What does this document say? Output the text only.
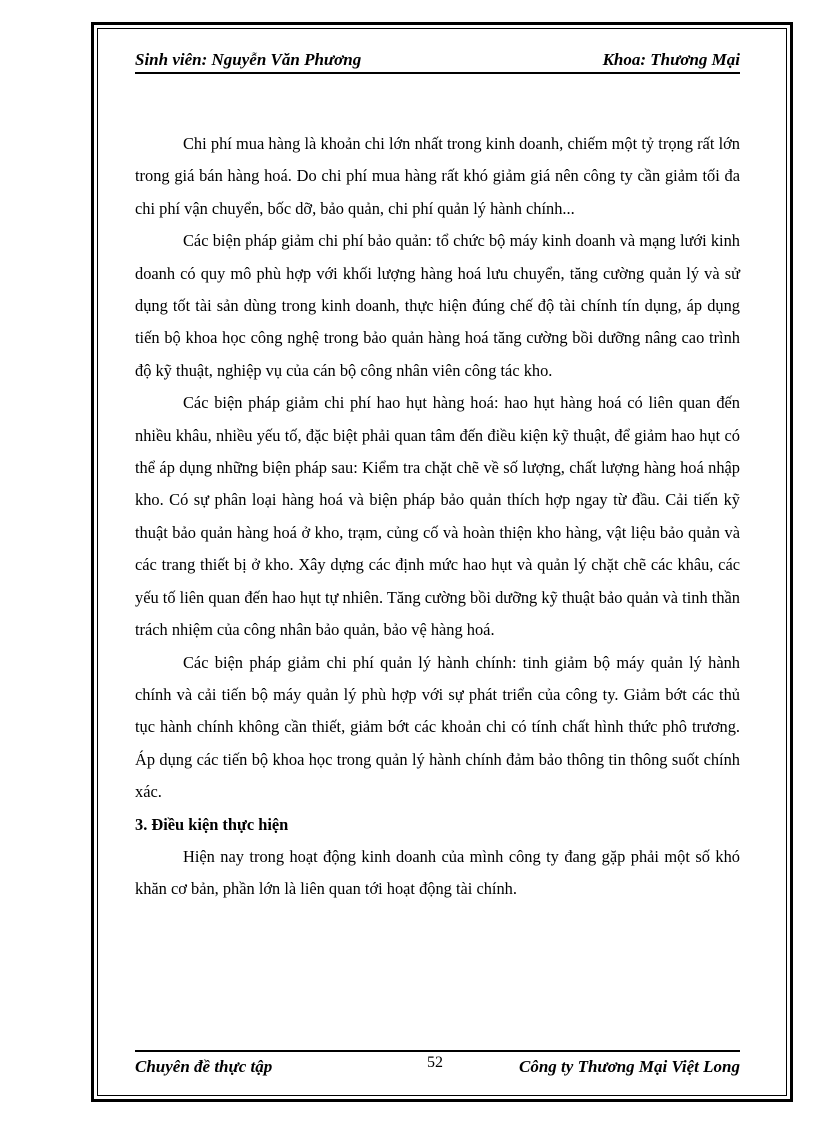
Sinh viên: Nguyễn Văn Phương	Khoa: Thương Mại

Chi phí mua hàng là khoản chi lớn nhất trong kinh doanh, chiếm một tỷ trọng rất lớn trong giá bán hàng hoá. Do chi phí mua hàng rất khó giảm giá nên công ty cần giảm tối đa chi phí vận chuyển, bốc dỡ, bảo quản, chi phí quản lý hành chính...

Các biện pháp giảm chi phí bảo quản: tổ chức bộ máy kinh doanh và mạng lưới kinh doanh có quy mô phù hợp với khối lượng hàng hoá lưu chuyển, tăng cường quản lý và sử dụng tốt tài sản dùng trong kinh doanh, thực hiện đúng chế độ tài chính tín dụng, áp dụng tiến bộ khoa học công nghệ trong bảo quản hàng hoá tăng cường bồi dưỡng nâng cao trình độ kỹ thuật, nghiệp vụ của cán bộ công nhân viên công tác kho.

Các biện pháp giảm chi phí hao hụt hàng hoá: hao hụt hàng hoá có liên quan đến nhiều khâu, nhiều yếu tố, đặc biệt phải quan tâm đến điều kiện kỹ thuật, để giảm hao hụt có thể áp dụng những biện pháp sau: Kiểm tra chặt chẽ về số lượng, chất lượng hàng hoá nhập kho. Có sự phân loại hàng hoá và biện pháp bảo quản thích hợp ngay từ đầu. Cải tiến kỹ thuật bảo quản hàng hoá ở kho, trạm, củng cố và hoàn thiện kho hàng, vật liệu bảo quản và các trang thiết bị ở kho. Xây dựng các định mức hao hụt và quản lý chặt chẽ các khâu, các yếu tố liên quan đến hao hụt tự nhiên. Tăng cường bồi dưỡng kỹ thuật bảo quản và tinh thần trách nhiệm của công nhân bảo quản, bảo vệ hàng hoá.

Các biện pháp giảm chi phí quản lý hành chính: tinh giảm bộ máy quản lý hành chính và cải tiến bộ máy quản lý phù hợp với sự phát triển của công ty. Giảm bớt các thủ tục hành chính không cần thiết, giảm bớt các khoản chi có tính chất hình thức phô trương. Áp dụng các tiến bộ khoa học trong quản lý hành chính đảm bảo thông tin thông suốt chính xác.

3. Điều kiện thực hiện

Hiện nay trong hoạt động kinh doanh của mình công ty đang gặp phải một số khó khăn cơ bản, phần lớn là liên quan tới hoạt động tài chính.

Chuyên đề thực tập	52	Công ty Thương Mại Việt Long
